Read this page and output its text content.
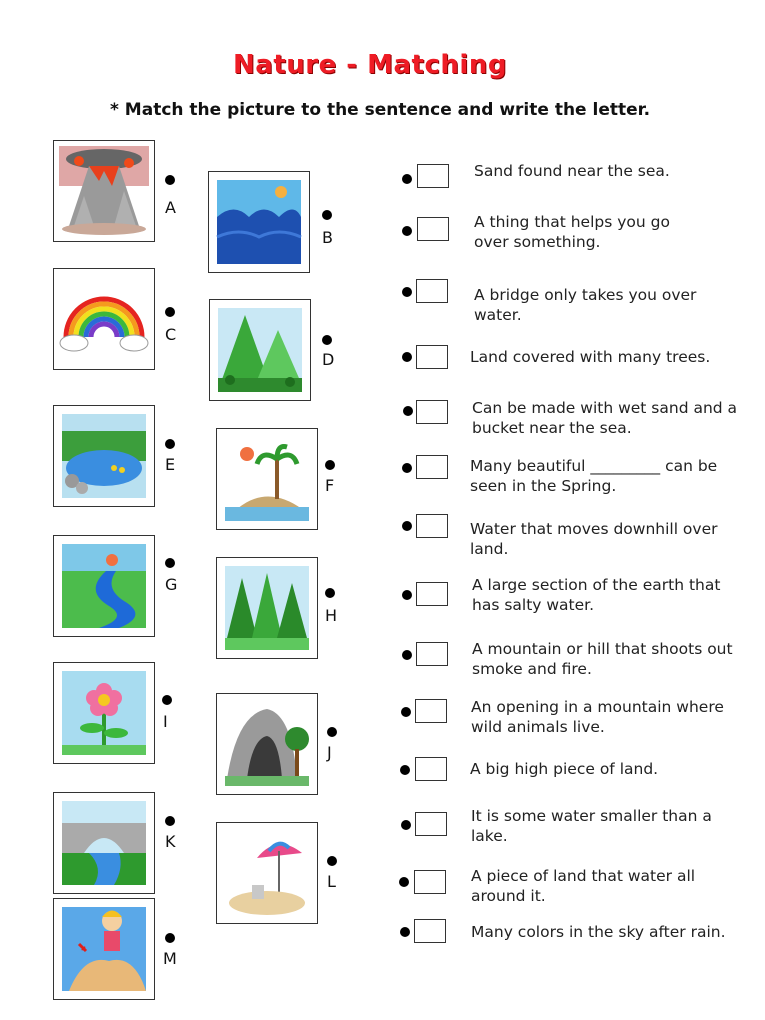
Nature - Matching
* Match the picture to the sentence and write the letter.
A
B
C
D
E
F
G
H
I
J
K
L
M
Sand found near the sea.
A thing that helps you go over something.
A bridge only takes you over water.
Land covered with many trees.
Can be made with wet sand and a bucket near the sea.
Many beautiful _________ can be seen in the Spring.
Water that moves downhill over land.
A large section of the earth that has salty water.
A mountain or hill that shoots out smoke and fire.
An opening in a mountain where wild animals live.
A big high piece of land.
It is some water smaller than a lake.
A piece of land that water all around it.
Many colors in the sky after rain.
